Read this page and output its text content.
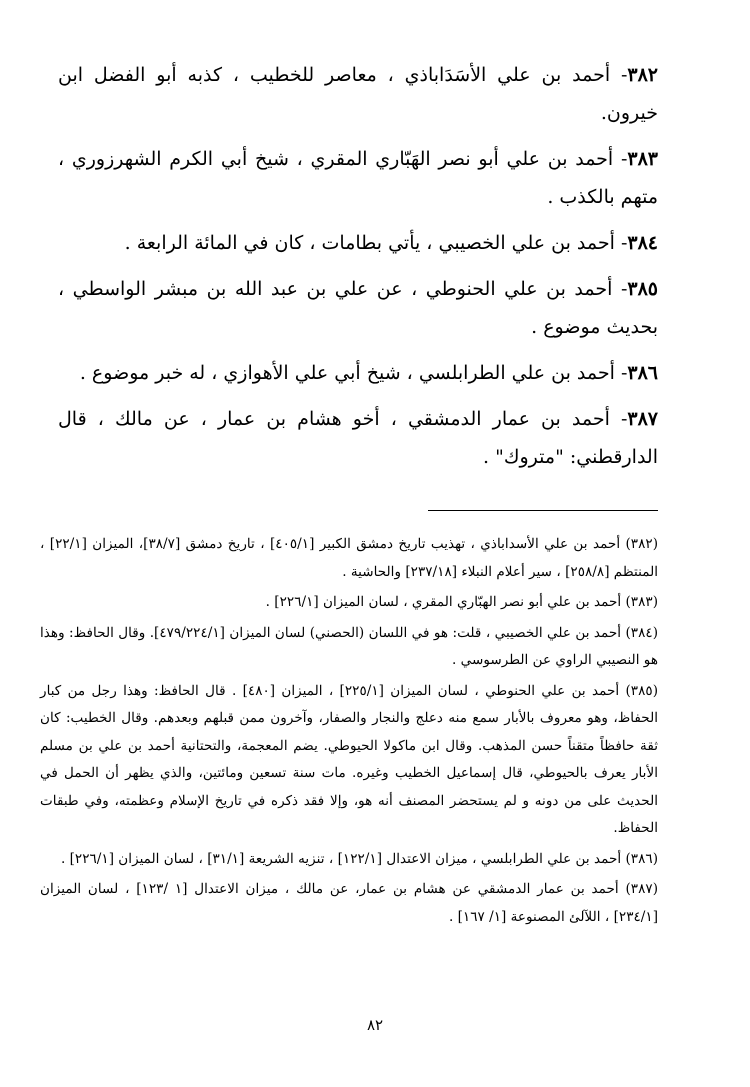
٣٨٢- أحمد بن علي الأسَدَاباذي ، معاصر للخطيب ، كذبه أبو الفضل ابن خيرون.

٣٨٣- أحمد بن علي أبو نصر الهَبّاري المقري ، شيخ أبي الكرم الشهرزوري ، متهم بالكذب .

٣٨٤- أحمد بن علي الخصيبي ، يأتي بطامات ، كان في المائة الرابعة .

٣٨٥- أحمد بن علي الحنوطي ، عن علي بن عبد الله بن مبشر الواسطي ، بحديث موضوع .

٣٨٦- أحمد بن علي الطرابلسي ، شيخ أبي علي الأهوازي ، له خبر موضوع .

٣٨٧- أحمد بن عمار الدمشقي ، أخو هشام بن عمار ، عن مالك ، قال الدارقطني: "متروك" .

(٣٨٢) أحمد بن علي الأسداباذي ، تهذيب تاريخ دمشق الكبير [٤٠٥/١] ، تاريخ دمشق [٣٨/٧]، الميزان [٢٢/١] ، المنتظم [٢٥٨/٨] ، سير أعلام النبلاء [٢٣٧/١٨] والحاشية .

(٣٨٣) أحمد بن علي أبو نصر الهبّاري المقري ، لسان الميزان [٢٢٦/١] .

(٣٨٤) أحمد بن علي الخصيبي ، قلت: هو في اللسان (الحصني) لسان الميزان [٤٧٩/٢٢٤/١]. وقال الحافظ: وهذا هو النصيبي الراوي عن الطرسوسي .

(٣٨٥) أحمد بن علي الحنوطي ، لسان الميزان [٢٢٥/١] ، الميزان [٤٨٠] . قال الحافظ: وهذا رجل من كبار الحفاظ، وهو معروف بالأبار سمع منه دعلج والنجار والصفار، وآخرون ممن قبلهم وبعدهم. وقال الخطيب: كان ثقة حافظاً متقناً حسن المذهب. وقال ابن ماكولا الحيوطي. يضم المعجمة، والتحتانية أحمد بن علي بن مسلم الأبار يعرف بالحيوطي، قال إسماعيل الخطيب وغيره. مات سنة تسعين ومائتين، والذي يظهر أن الحمل في الحديث على من دونه و لم يستحضر المصنف أنه هو، وإلا فقد ذكره في تاريخ الإسلام وعظمته، وفي طبقات الحفاظ.

(٣٨٦) أحمد بن علي الطرابلسي ، ميزان الاعتدال [١٢٢/١] ، تنزيه الشريعة [٣١/١] ، لسان الميزان [٢٢٦/١] .

(٣٨٧) أحمد بن عمار الدمشقي عن هشام بن عمار، عن مالك ، ميزان الاعتدال [١ /١٢٣] ، لسان الميزان [٢٣٤/١] ، اللآلئ المصنوعة [١/ ١٦٧] .

٨٢
